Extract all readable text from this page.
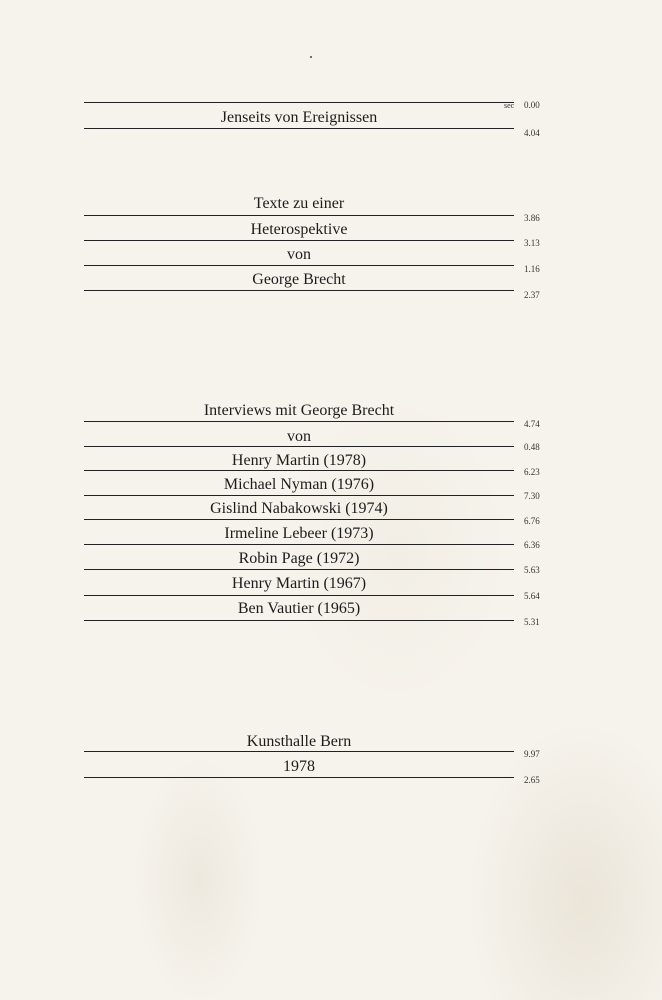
sec 0.00
Jenseits von Ereignissen
4.04
Texte zu einer
3.86
Heterospektive
3.13
von
1.16
George Brecht
2.37
Interviews mit George Brecht
4.74
von
0.48
Henry Martin (1978)
6.23
Michael Nyman (1976)
7.30
Gislind Nabakowski (1974)
6.76
Irmeline Lebeer (1973)
6.36
Robin Page (1972)
5.63
Henry Martin (1967)
5.64
Ben Vautier (1965)
5.31
Kunsthalle Bern
9.97
1978
2.65
